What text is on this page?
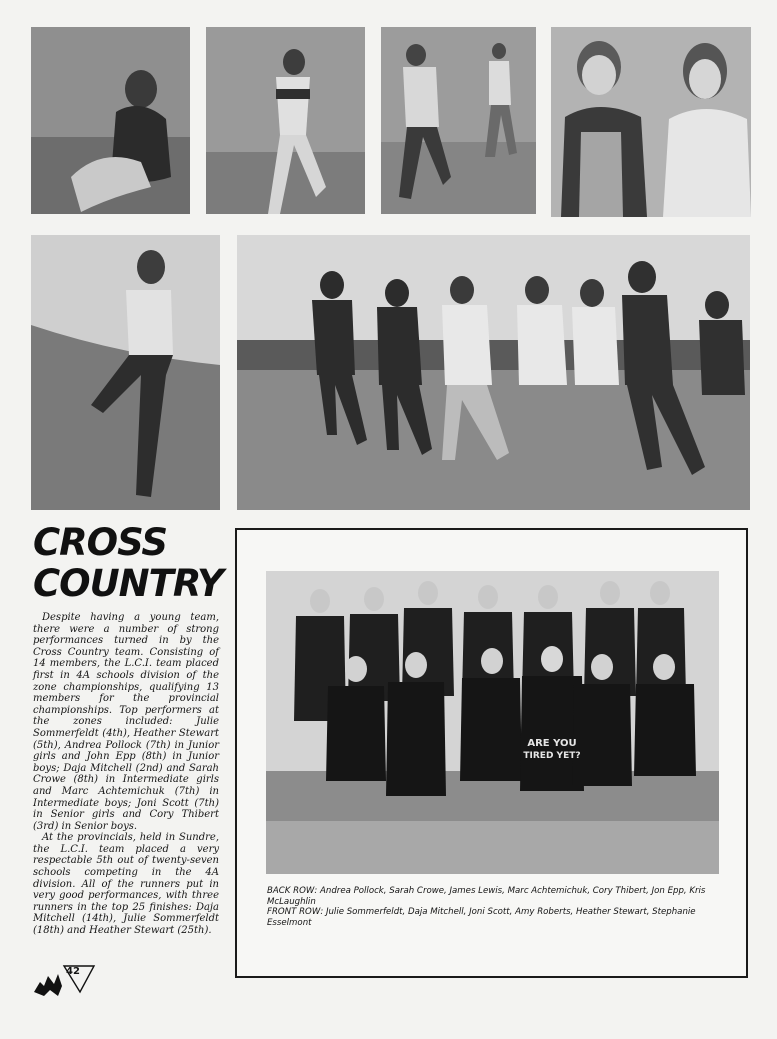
CROSS
COUNTRY

Despite having a young team, there were a number of strong performances turned in by the Cross Country team. Consisting of 14 members, the L.C.I. team placed first in 4A schools division of the zone championships, qualifying 13 members for the provincial championships. Top performers at the zones included: Julie Sommerfeldt (4th), Heather Stewart (5th), Andrea Pollock (7th) in Junior girls and John Epp (8th) in Junior boys; Daja Mitchell (2nd) and Sarah Crowe (8th) in Intermediate girls and Marc Achtemichuk (7th) in Intermediate boys; Joni Scott (7th) in Senior girls and Cory Thibert (3rd) in Senior boys.

At the provincials, held in Sundre, the L.C.I. team placed a very respectable 5th out of twenty-seven schools competing in the 4A division. All of the runners put in very good performances, with three runners in the top 25 finishes: Daja Mitchell (14th), Julie Sommerfeldt (18th) and Heather Stewart (25th).

ARE YOU
TIRED YET?
BACK ROW: Andrea Pollock, Sarah Crowe, James Lewis, Marc Achtemichuk, Cory Thibert, Jon Epp, Kris McLaughlin
FRONT ROW: Julie Sommerfeldt, Daja Mitchell, Joni Scott, Amy Roberts, Heather Stewart, Stephanie Esselmont
42
